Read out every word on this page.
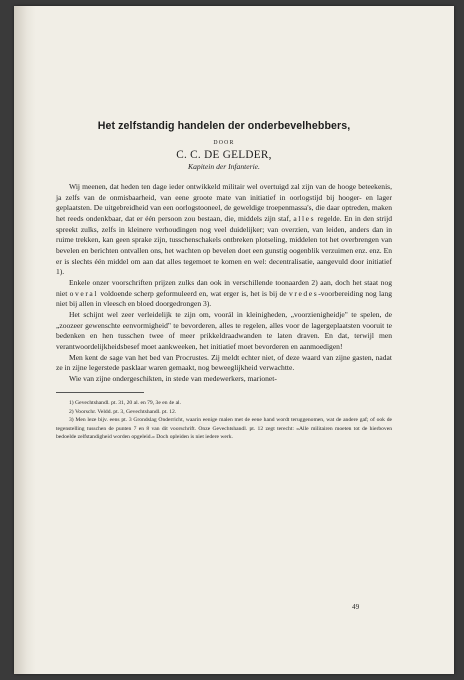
Het zelfstandig handelen der onderbevelhebbers,
DOOR
C. C. DE GELDER,
Kapitein der Infanterie.

Wij meenen, dat heden ten dage ieder ontwikkeld militair wel overtuigd zal zijn van de hooge beteekenis, ja zelfs van de onmisbaarheid, van eene groote mate van initiatief in oorlogstijd bij hooger- en lager geplaatsten. De uitgebreidheid van een oorlogstooneel, de geweldige troepenmassa's, die daar optreden, maken het reeds ondenkbaar, dat er één persoon zou bestaan, die, middels zijn staf, alles regelde. En in den strijd spreekt zulks, zelfs in kleinere verhoudingen nog veel duidelijker; van overzien, van leiden, anders dan in ruime trekken, kan geen sprake zijn, tusschenschakels ontbreken plotseling, middelen tot het overbrengen van bevelen en berichten ontvallen ons, het wachten op bevelen doet een gunstig oogenblik verzuimen enz. enz. En er is slechts één middel om aan dat alles tegemoet te komen en wel: decentralisatie, aangevuld door initiatief 1).

Enkele onzer voorschriften prijzen zulks dan ook in verschillende toonaarden 2) aan, doch het staat nog niet overal voldoende scherp geformuleerd en, wat erger is, het is bij de vredes-voorbereiding nog lang niet bij allen in vleesch en bloed doorgedrongen 3).

Het schijnt wel zeer verleidelijk te zijn om, voorál in kleinigheden, „voorzienigheidje" te spelen, de „zoozeer gewenschte eenvormigheid" te bevorderen, alles te regelen, alles voor de lagergeplaatsten vooruit te bedenken en hen tusschen twee of meer prikkeldraadwanden te laten draven. En dat, terwijl men verantwoordelijkheidsbesef moet aankweeken, het initiatief moet bevorderen en aanmoedigen!

Men kent de sage van het bed van Procrustes. Zij meldt echter niet, of deze waard van zijne gasten, nadat ze in zijne legerstede pasklaar waren gemaakt, nog beweeglijkheid verwachtte.

Wie van zijne ondergeschikten, in stede van medewerkers, marionet-

1) Gevechtshandl. pt. 31, 20 al. en 79, 3e en 4e al.

2) Voorschr. Veldd. pt. 3, Gevechtshandl. pt. 12.

3) Men leze bijv. eens pt. 3 Grondslag Onderricht, waarin eenige malen met de eene hand wordt teruggenomen, wat de andere gaf; of ook de tegenstelling tusschen de punten 7 en 8 van dit voorschrift. Onze Gevechtshandl. pt. 12 zegt terecht: »Alle militairen moeten tot de hierboven bedoelde zelfstandigheid worden opgeleid.« Doch opleiden is niet iedere werk.

49
